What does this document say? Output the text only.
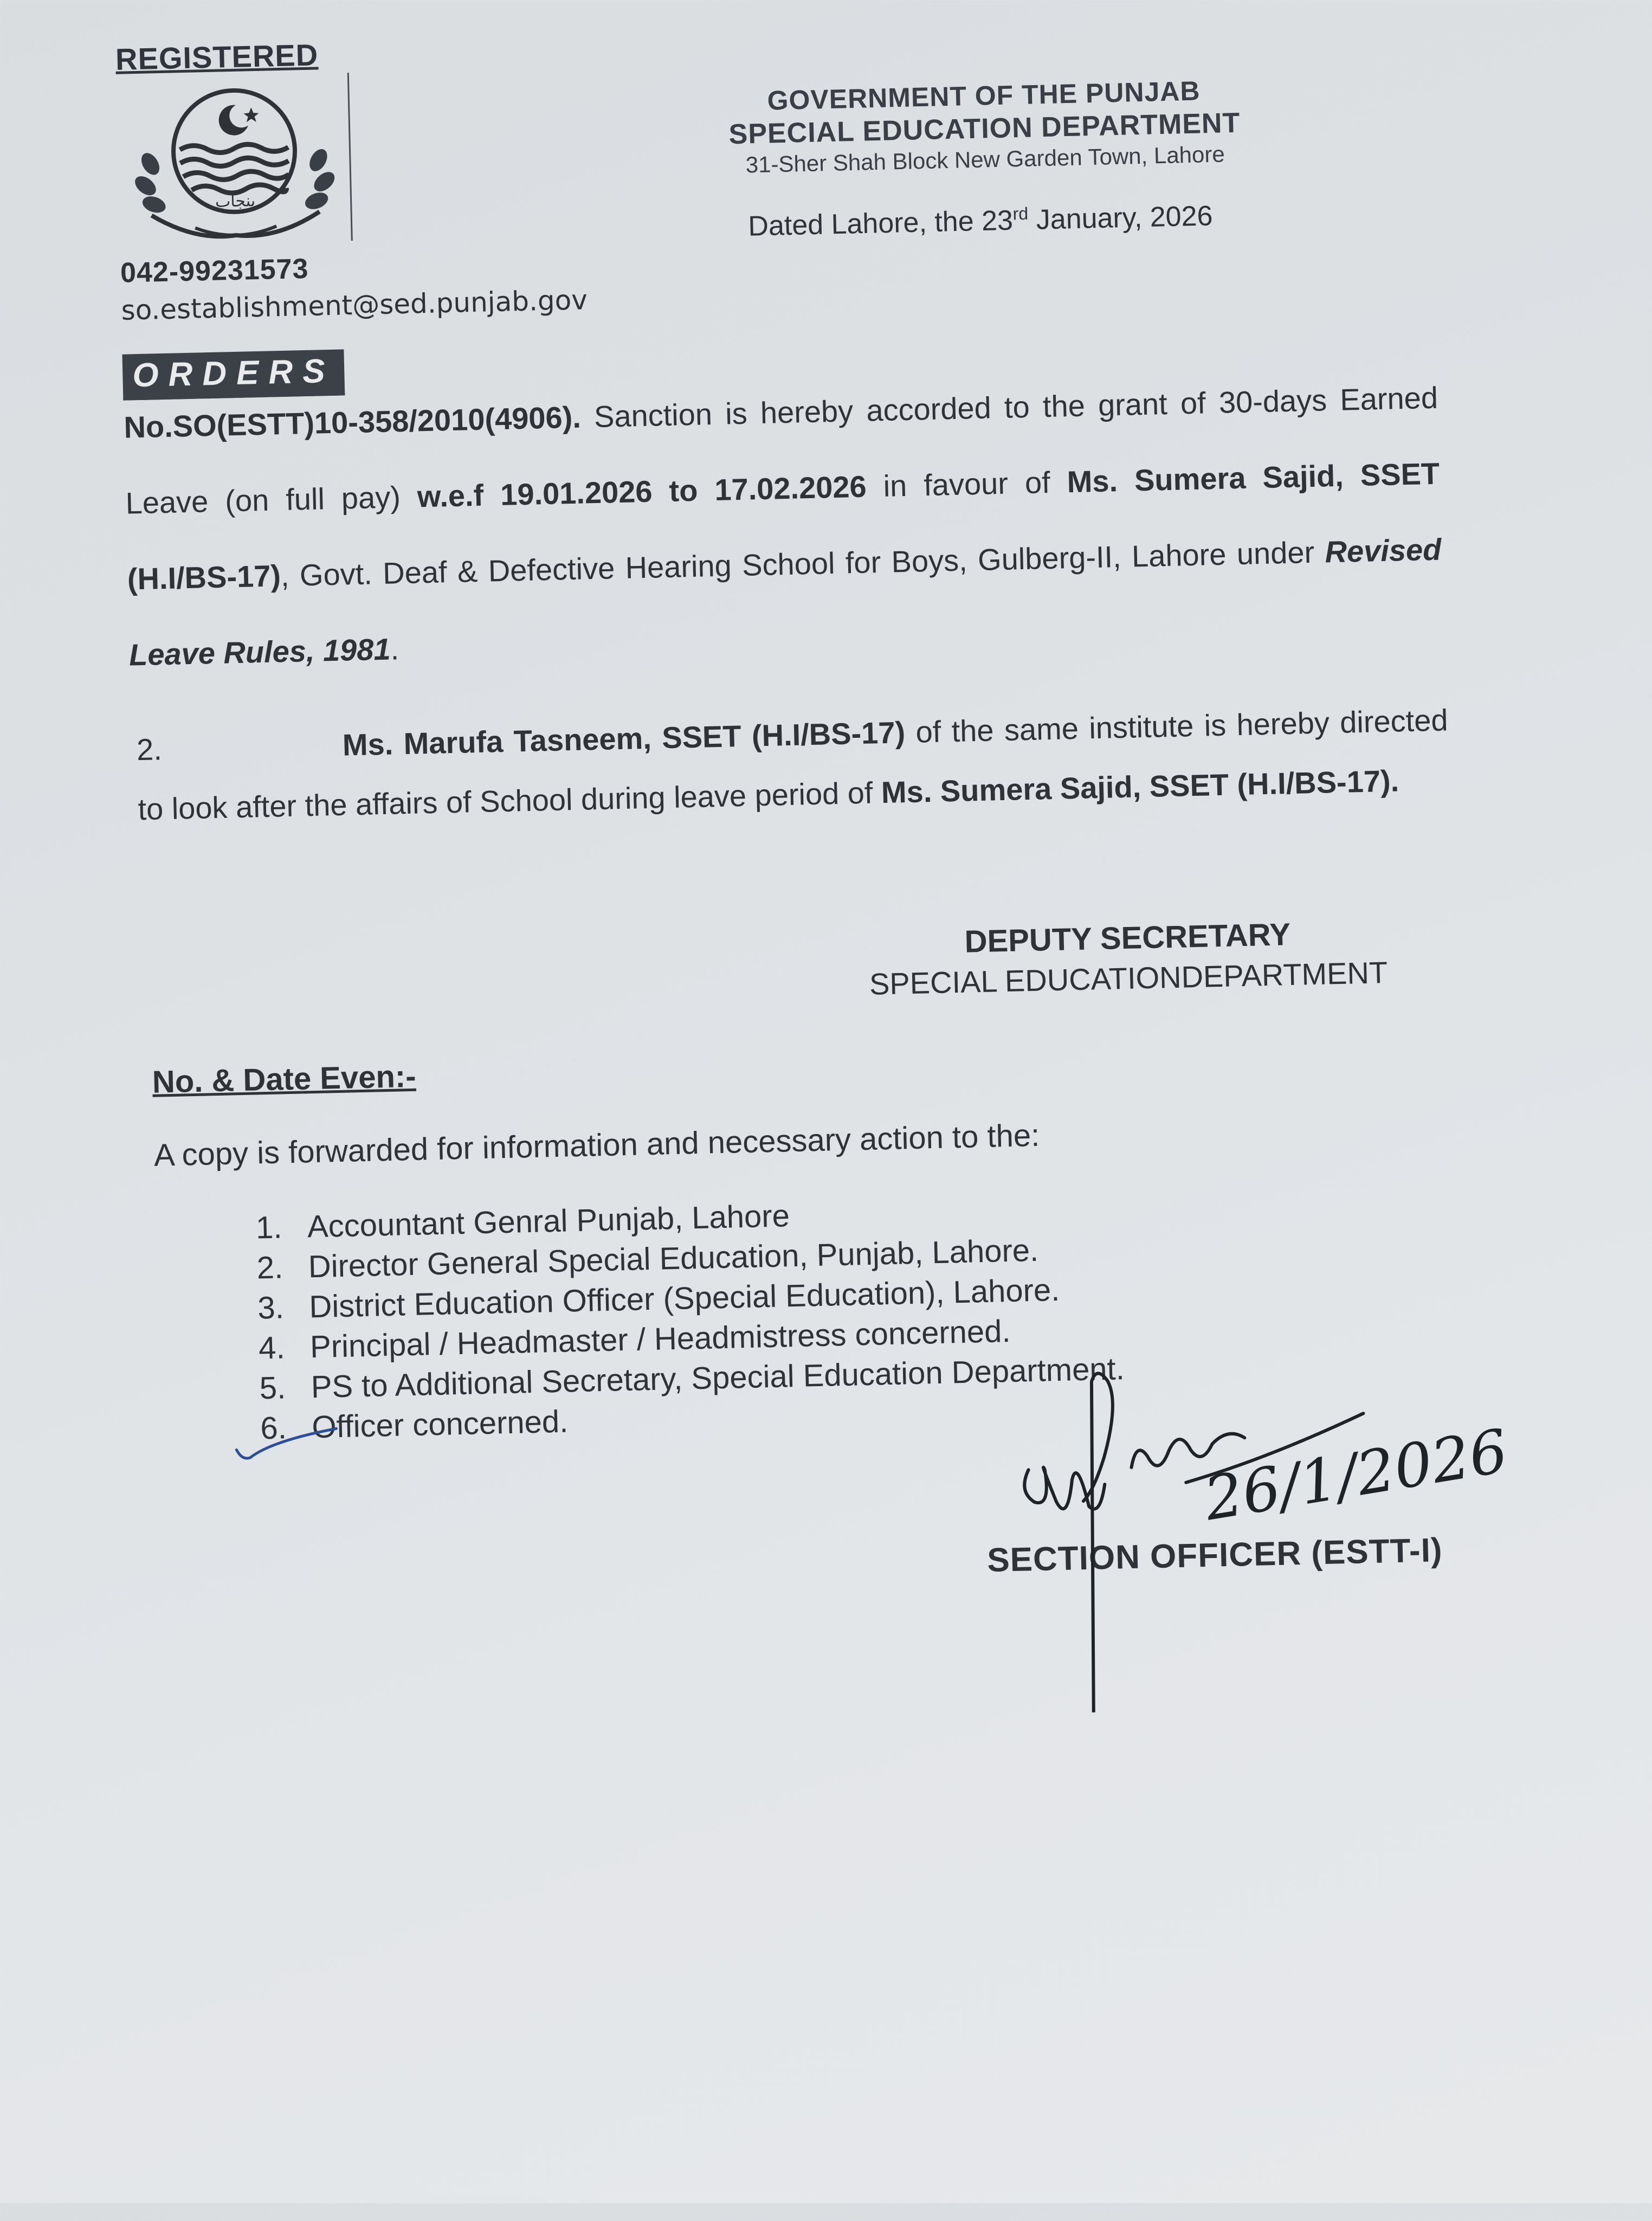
REGISTERED
پنجاب
042-99231573
so.establishment@sed.punjab.gov
GOVERNMENT OF THE PUNJAB
SPECIAL EDUCATION DEPARTMENT
31-Sher Shah Block New Garden Town, Lahore
Dated Lahore, the 23rd January, 2026
ORDERS
No.SO(ESTT)10-358/2010(4906). Sanction is hereby accorded to the grant of 30-days Earned Leave (on full pay) w.e.f 19.01.2026 to 17.02.2026 in favour of Ms. Sumera Sajid, SSET (H.I/BS-17), Govt. Deaf & Defective Hearing School for Boys, Gulberg-II, Lahore under Revised Leave Rules, 1981.
2.	Ms. Marufa Tasneem, SSET (H.I/BS-17) of the same institute is hereby directed to look after the affairs of School during leave period of Ms. Sumera Sajid, SSET (H.I/BS-17).
DEPUTY SECRETARY
SPECIAL EDUCATIONDEPARTMENT
No. & Date Even:-
A copy is forwarded for information and necessary action to the:
1. Accountant Genral Punjab, Lahore
2. Director General Special Education, Punjab, Lahore.
3. District Education Officer (Special Education), Lahore.
4. Principal / Headmaster / Headmistress concerned.
5. PS to Additional Secretary, Special Education Department.
6. Officer concerned.
SECTION OFFICER (ESTT-I)
26/1/2026
